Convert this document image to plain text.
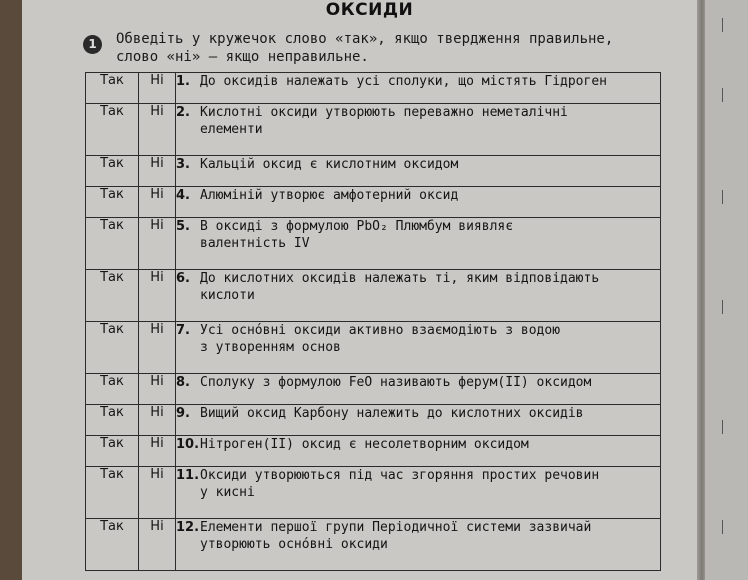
ОКСИДИ
1	Обведіть у кружечок слово «так», якщо твердження правильне,
слово «ні» — якщо неправильне.
Так	Ні	1. До оксидів належать усі сполуки, що містять Гідроген
Так	Ні	2. Кислотні оксиди утворюють переважно неметалічні
елементи

Так	Ні	3. Кальцій оксид є кислотним оксидом
Так	Ні	4. Алюміній утворює амфотерний оксид
Так	Ні	5. В оксиді з формулою PbO₂ Плюмбум виявляє
валентність IV

Так	Ні	6. До кислотних оксидів належать ті, яким відповідають
кислоти

Так	Ні	7. Усі осно́вні оксиди активно взаємодіють з водою
з утворенням основ

Так	Ні	8. Сполуку з формулою FeO називають ферум(II) оксидом
Так	Ні	9. Вищий оксид Карбону належить до кислотних оксидів
Так	Ні	10.Нітроген(II) оксид є несолетворним оксидом
Так	Ні	11.Оксиди утворюються під час згоряння простих речовин
у кисні

Так	Ні	12.Елементи першої групи Періодичної системи зазвичай
утворюють осно́вні оксиди
